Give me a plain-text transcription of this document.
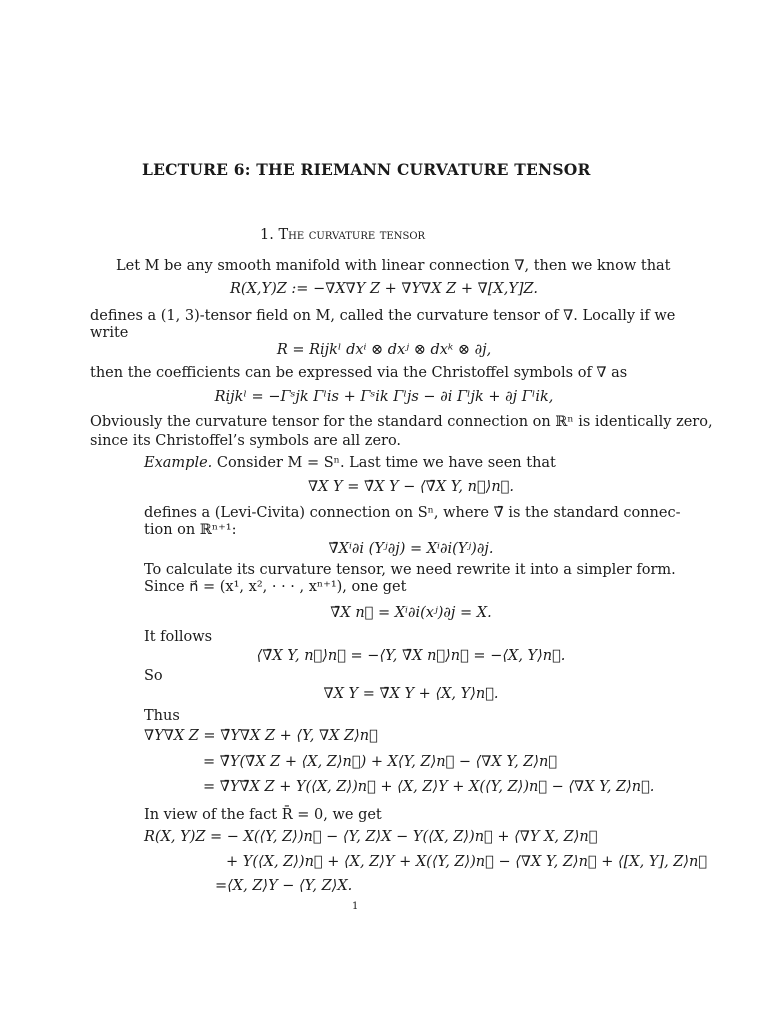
LECTURE 6: THE RIEMANN CURVATURE TENSOR
1. The curvature tensor
Let M be any smooth manifold with linear connection ∇, then we know that
R(X,Y)Z := −∇X∇Y Z + ∇Y∇X Z + ∇[X,Y]Z.
defines a (1, 3)-tensor field on M, called the curvature tensor of ∇. Locally if we
write
R = Rijkˡ dxⁱ ⊗ dxʲ ⊗ dxᵏ ⊗ ∂j,
then the coefficients can be expressed via the Christoffel symbols of ∇ as
Rijkˡ = −Γˢjk Γˡis + Γˢik Γˡjs − ∂i Γˡjk + ∂j Γˡik,
Obviously the curvature tensor for the standard connection on ℝⁿ is identically zero,
since its Christoffel’s symbols are all zero.
Example. Consider M = Sⁿ. Last time we have seen that
∇X Y = ∇̄X Y − ⟨∇̄X Y, n⃗⟩n⃗.
defines a (Levi-Civita) connection on Sⁿ, where ∇̄ is the standard connec-
tion on ℝⁿ⁺¹:
∇̄Xⁱ∂i (Yʲ∂j) = Xⁱ∂i(Yʲ)∂j.
To calculate its curvature tensor, we need rewrite it into a simpler form.
Since n⃗ = (x¹, x², · · · , xⁿ⁺¹), one get
∇̄X n⃗ = Xⁱ∂i(xʲ)∂j = X.
It follows
⟨∇̄X Y, n⃗⟩n⃗ = −⟨Y, ∇̄X n⃗⟩n⃗ = −⟨X, Y⟩n⃗.
So
∇X Y = ∇̄X Y + ⟨X, Y⟩n⃗.
Thus
∇Y∇X Z = ∇̄Y∇X Z + ⟨Y, ∇X Z⟩n⃗
= ∇̄Y(∇̄X Z + ⟨X, Z⟩n⃗) + X⟨Y, Z⟩n⃗ − ⟨∇X Y, Z⟩n⃗
= ∇̄Y∇̄X Z + Y(⟨X, Z⟩)n⃗ + ⟨X, Z⟩Y + X(⟨Y, Z⟩)n⃗ − ⟨∇X Y, Z⟩n⃗.
In view of the fact R̄ = 0, we get
R(X, Y)Z = − X(⟨Y, Z⟩)n⃗ − ⟨Y, Z⟩X − Y(⟨X, Z⟩)n⃗ + ⟨∇Y X, Z⟩n⃗
+ Y(⟨X, Z⟩)n⃗ + ⟨X, Z⟩Y + X(⟨Y, Z⟩)n⃗ − ⟨∇X Y, Z⟩n⃗ + ⟨[X, Y], Z⟩n⃗
=⟨X, Z⟩Y − ⟨Y, Z⟩X.
1
